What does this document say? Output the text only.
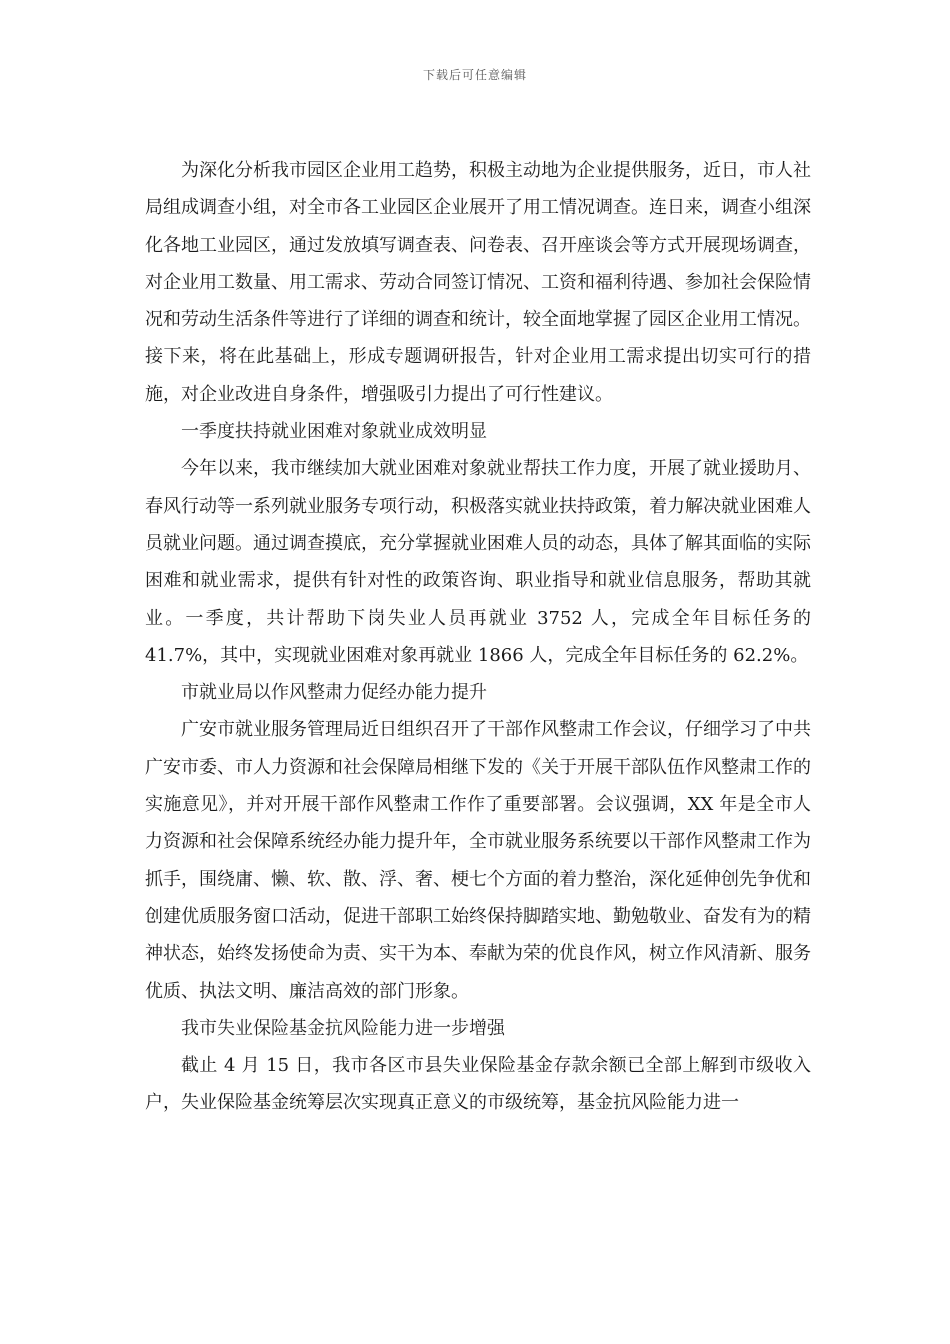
下载后可任意编辑

为深化分析我市园区企业用工趋势，积极主动地为企业提供服务，近日，市人社局组成调查小组，对全市各工业园区企业展开了用工情况调查。连日来，调查小组深化各地工业园区，通过发放填写调查表、问卷表、召开座谈会等方式开展现场调查，对企业用工数量、用工需求、劳动合同签订情况、工资和福利待遇、参加社会保险情况和劳动生活条件等进行了详细的调查和统计，较全面地掌握了园区企业用工情况。接下来，将在此基础上，形成专题调研报告，针对企业用工需求提出切实可行的措施，对企业改进自身条件，增强吸引力提出了可行性建议。

一季度扶持就业困难对象就业成效明显

今年以来，我市继续加大就业困难对象就业帮扶工作力度，开展了就业援助月、春风行动等一系列就业服务专项行动，积极落实就业扶持政策，着力解决就业困难人员就业问题。通过调查摸底，充分掌握就业困难人员的动态，具体了解其面临的实际困难和就业需求，提供有针对性的政策咨询、职业指导和就业信息服务，帮助其就业。一季度，共计帮助下岗失业人员再就业 3752 人，完成全年目标任务的 41.7%，其中，实现就业困难对象再就业 1866 人，完成全年目标任务的 62.2%。

市就业局以作风整肃力促经办能力提升

广安市就业服务管理局近日组织召开了干部作风整肃工作会议，仔细学习了中共广安市委、市人力资源和社会保障局相继下发的《关于开展干部队伍作风整肃工作的实施意见》，并对开展干部作风整肃工作作了重要部署。会议强调，XX 年是全市人力资源和社会保障系统经办能力提升年，全市就业服务系统要以干部作风整肃工作为抓手，围绕庸、懒、软、散、浮、奢、梗七个方面的着力整治，深化延伸创先争优和创建优质服务窗口活动，促进干部职工始终保持脚踏实地、勤勉敬业、奋发有为的精神状态，始终发扬使命为责、实干为本、奉献为荣的优良作风，树立作风清新、服务优质、执法文明、廉洁高效的部门形象。

我市失业保险基金抗风险能力进一步增强

截止 4 月 15 日，我市各区市县失业保险基金存款余额已全部上解到市级收入户，失业保险基金统筹层次实现真正意义的市级统筹，基金抗风险能力进一
